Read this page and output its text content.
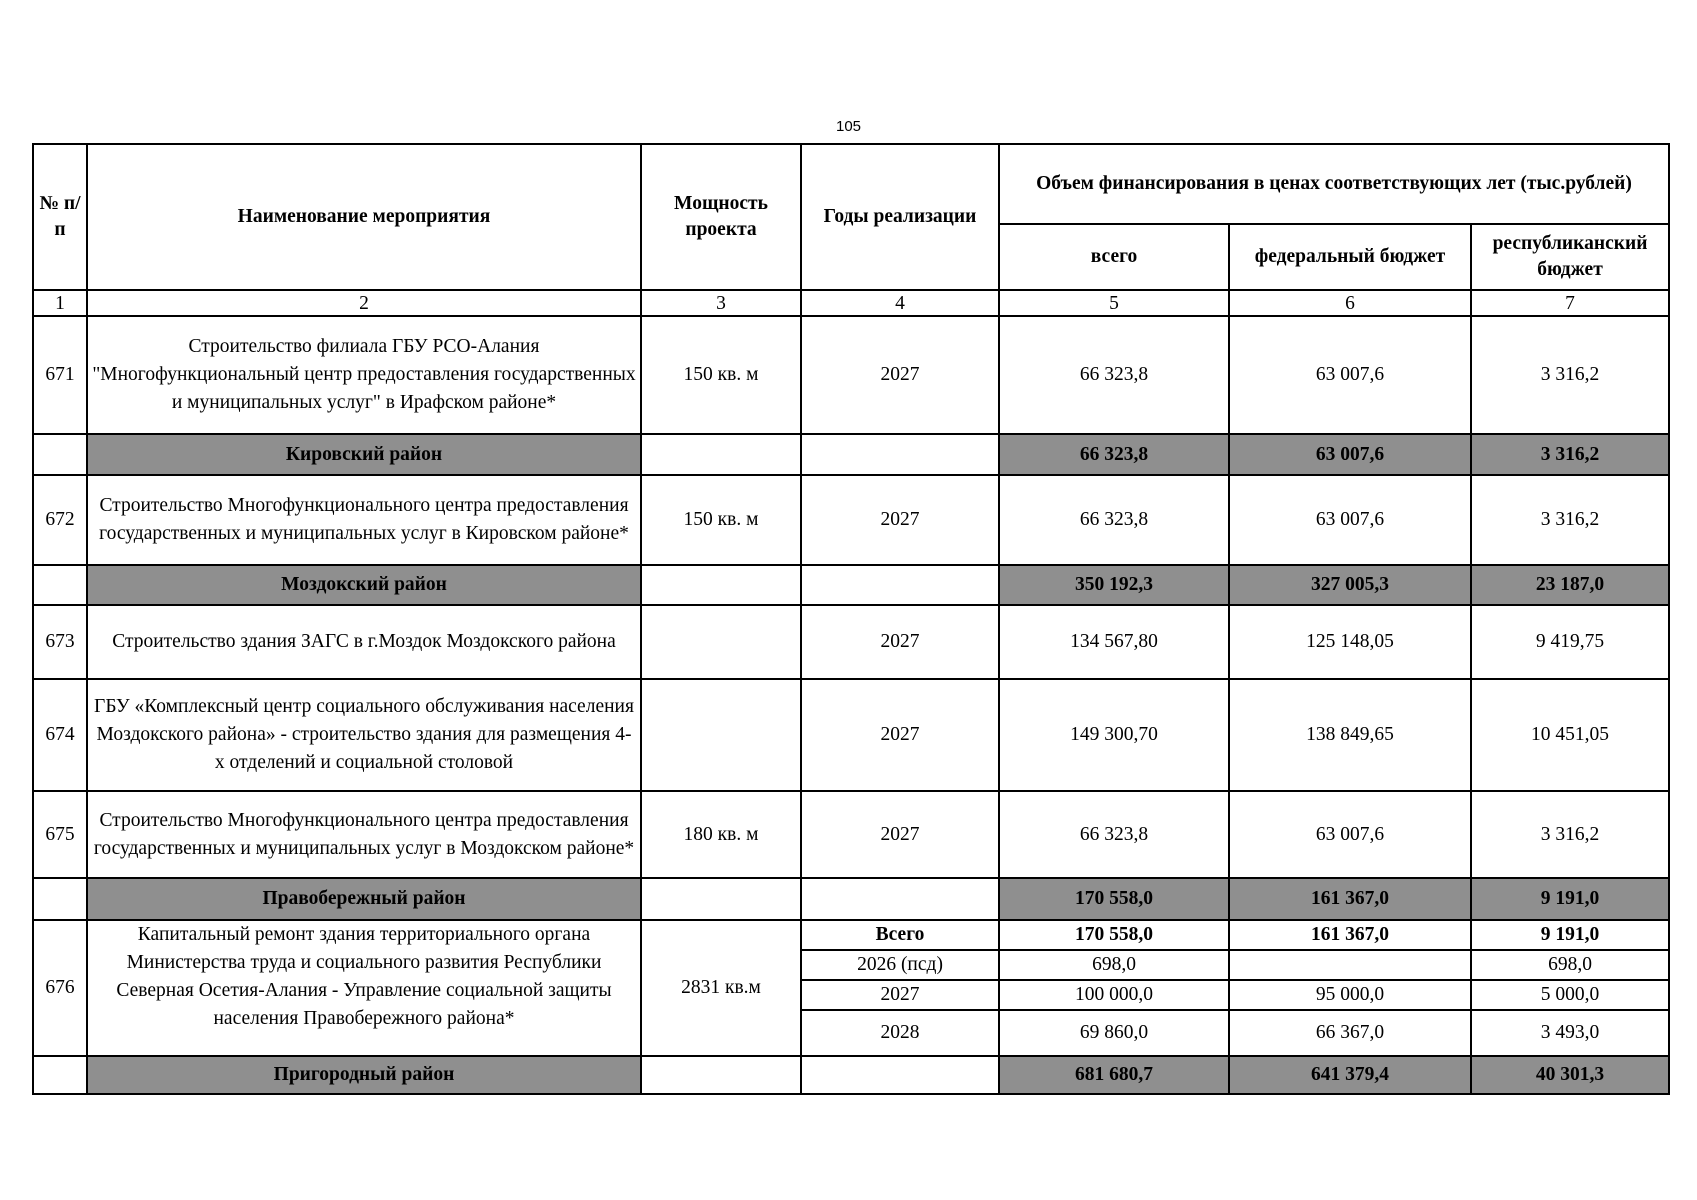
105
№ п/п	Наименование мероприятия	Мощность проекта	Годы реализации	Объем финансирования в ценах соответствующих лет (тыс.рублей)		
				всего	федеральный бюджет	республиканский бюджет
1	2	3	4	5	6	7
671	Строительство филиала ГБУ РСО-Алания "Многофункциональный центр предоставления государственных и муниципальных услуг" в Ирафском районе*	150 кв. м	2027	66 323,8	63 007,6	3 316,2
	Кировский район			66 323,8	63 007,6	3 316,2
672	Строительство Многофункционального центра предоставления государственных и муниципальных услуг в Кировском районе*	150 кв. м	2027	66 323,8	63 007,6	3 316,2
	Моздокский район			350 192,3	327 005,3	23 187,0
673	Строительство здания ЗАГС в г.Моздок Моздокского района		2027	134 567,80	125 148,05	9 419,75
674	ГБУ «Комплексный центр социального обслуживания населения Моздокского района» - строительство здания для размещения 4-х отделений и социальной столовой		2027	149 300,70	138 849,65	10 451,05
675	Строительство Многофункционального центра предоставления государственных и муниципальных услуг в Моздокском районе*	180 кв. м	2027	66 323,8	63 007,6	3 316,2
	Правобережный район			170 558,0	161 367,0	9 191,0
676	Капитальный ремонт здания территориального органа Министерства труда и социального развития Республики Северная Осетия-Алания - Управление социальной защиты населения Правобережного района*	2831 кв.м	Всего	170 558,0	161 367,0	9 191,0
			2026 (псд)	698,0		698,0
			2027	100 000,0	95 000,0	5 000,0
			2028	69 860,0	66 367,0	3 493,0
	Пригородный район			681 680,7	641 379,4	40 301,3
